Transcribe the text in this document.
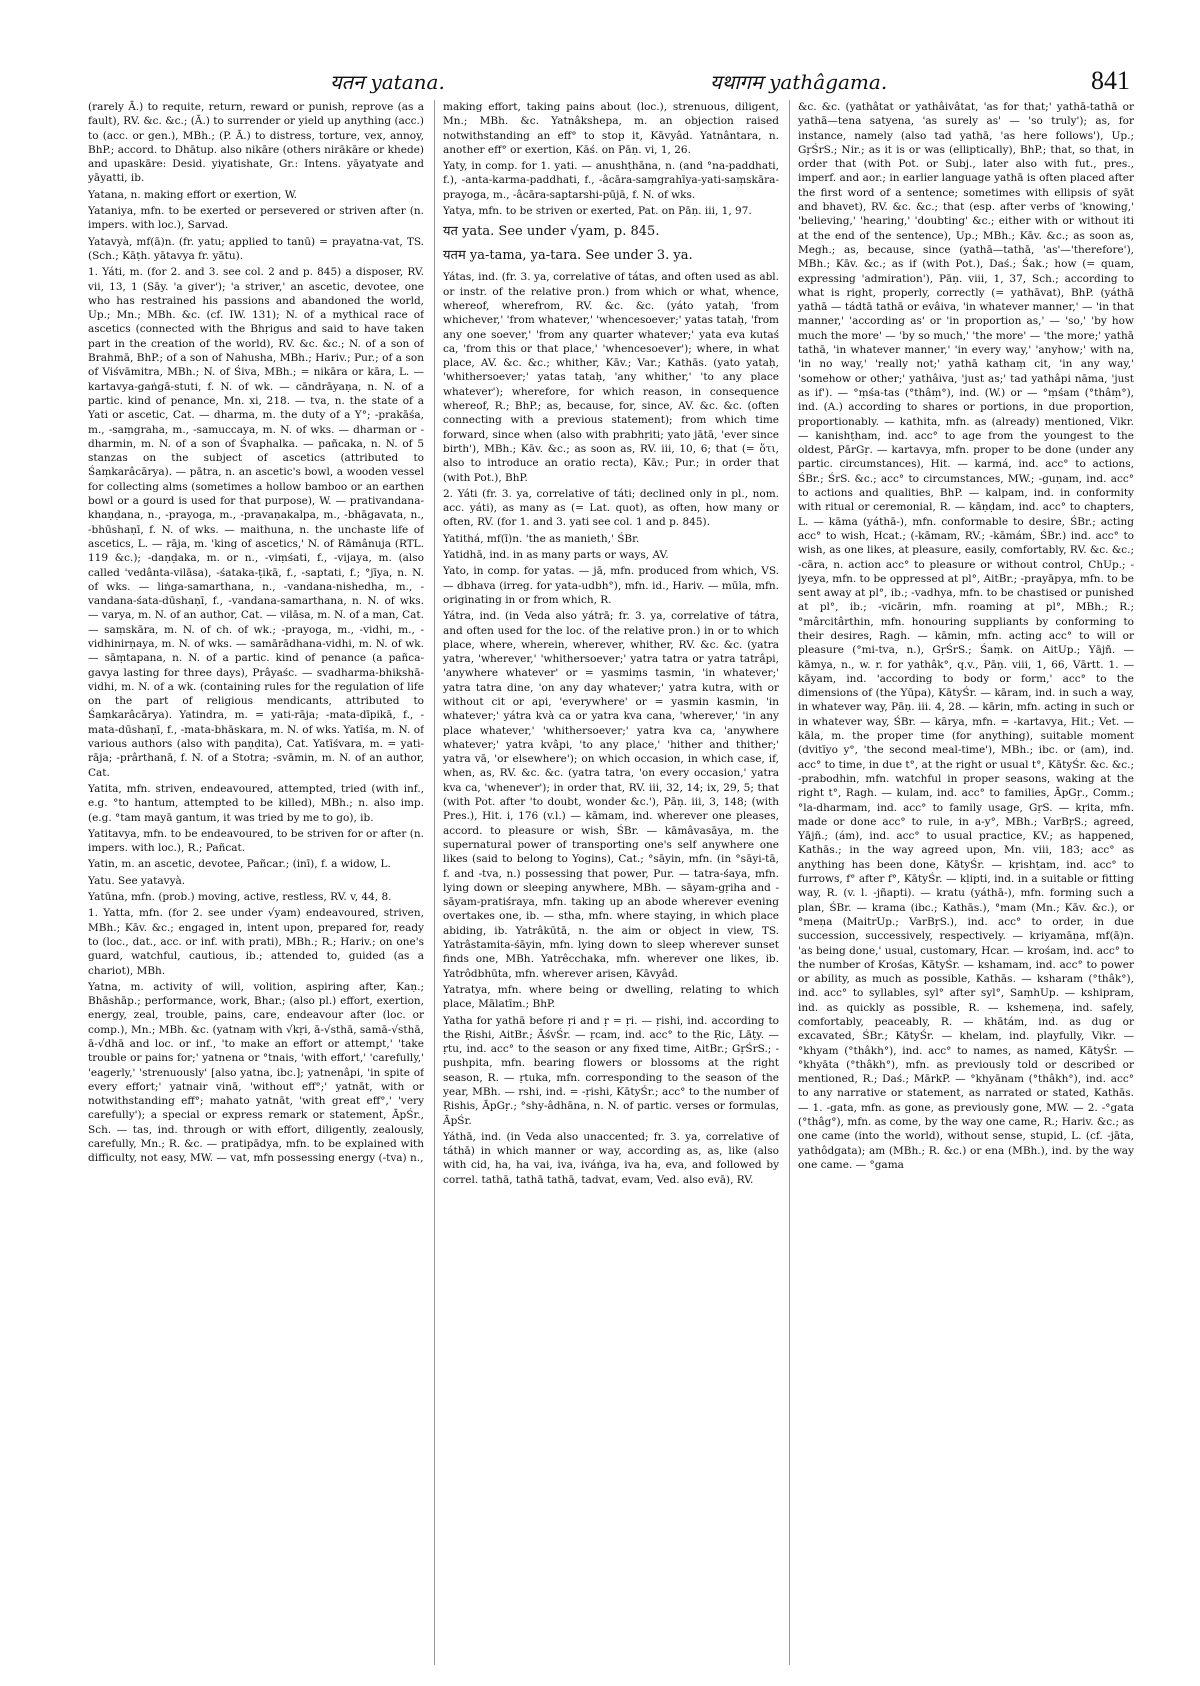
यतन yatana.	यथागम yathâgama.	841

(rarely Ā.) to requite, return, reward or punish, reprove (as a fault), RV. &c. &c.; (Ā.) to surrender or yield up anything (acc.) to (acc. or gen.), MBh.; (P. Ā.) to distress, torture, vex, annoy, BhP.; accord. to Dhātup. also nikāre (others nirākāre or khede) and upaskāre: Desid. yiyatishate, Gr.: Intens. yāyatyate and yāyatti, ib.

Yatana, n. making effort or exertion, W.

Yataniya, mfn. to be exerted or persevered or striven after (n. impers. with loc.), Sarvad.

Yatavyà, mf(ā)n. (fr. yatu; applied to tanū) = prayatna-vat, TS. (Sch.; Kāṭh. yātavya fr. yātu).

1. Yáti, m. (for 2. and 3. see col. 2 and p. 845) a disposer, RV. vii, 13, 1 (Sāy. 'a giver'); 'a striver,' an ascetic, devotee, one who has restrained his passions and abandoned the world, Up.; Mn.; MBh. &c. (cf. IW. 131); N. of a mythical race of ascetics (connected with the Bhṛigus and said to have taken part in the creation of the world), RV. &c. &c.; N. of a son of Brahmā, BhP.; of a son of Nahusha, MBh.; Hariv.; Pur.; of a son of Viśvāmitra, MBh.; N. of Śiva, MBh.; = nikāra or kāra, L. — kartavya-gaṅgā-stuti, f. N. of wk. — cāndrāyaṇa, n. N. of a partic. kind of penance, Mn. xi, 218. — tva, n. the state of a Yati or ascetic, Cat. — dharma, m. the duty of a Y°; -prakāśa, m., -saṃgraha, m., -samuccaya, m. N. of wks. — dharman or -dharmin, m. N. of a son of Śvaphalka. — pañcaka, n. N. of 5 stanzas on the subject of ascetics (attributed to Śaṃkarâcārya). — pātra, n. an ascetic's bowl, a wooden vessel for collecting alms (sometimes a hollow bamboo or an earthen bowl or a gourd is used for that purpose), W. — prativandana-khaṇḍana, n., -prayoga, m., -pravaṇakalpa, m., -bhāgavata, n., -bhūshaṇī, f. N. of wks. — maithuna, n. the unchaste life of ascetics, L. — rāja, m. 'king of ascetics,' N. of Rāmânuja (RTL. 119 &c.); -daṇḍaka, m. or n., -viṃśati, f., -vijaya, m. (also called 'vedânta-vilāsa), -śataka-ṭikā, f., -saptati, f.; °jīya, n. N. of wks. — liṅga-samarthana, n., -vandana-nishedha, m., -vandana-śata-dūshaṇī, f., -vandana-samarthana, n. N. of wks. — varya, m. N. of an author, Cat. — vilāsa, m. N. of a man, Cat. — saṃskāra, m. N. of ch. of wk.; -prayoga, m., -vidhi, m., -vidhinirṇaya, m. N. of wks. — samārādhana-vidhi, m. N. of wk. — sāṃtapana, n. N. of a partic. kind of penance (a pañca-gavya lasting for three days), Prâyaśc. — svadharma-bhikshā-vidhi, m. N. of a wk. (containing rules for the regulation of life on the part of religious mendicants, attributed to Śaṃkarâcārya). Yatindra, m. = yati-rāja; -mata-dīpikā, f., -mata-dūshaṇī, f., -mata-bhāskara, m. N. of wks. Yatīśa, m. N. of various authors (also with paṇḍita), Cat. Yatīśvara, m. = yati-rāja; -prârthanā, f. N. of a Stotra; -svāmin, m. N. of an author, Cat.

Yatita, mfn. striven, endeavoured, attempted, tried (with inf., e.g. °to hantum, attempted to be killed), MBh.; n. also imp. (e.g. °tam mayā gantum, it was tried by me to go), ib.

Yatitavya, mfn. to be endeavoured, to be striven for or after (n. impers. with loc.), R.; Pañcat.

Yatin, m. an ascetic, devotee, Pañcar.; (inī), f. a widow, L.

Yatu. See yatavyà.

Yatūna, mfn. (prob.) moving, active, restless, RV. v, 44, 8.

1. Yatta, mfn. (for 2. see under √yam) endeavoured, striven, MBh.; Kāv. &c.; engaged in, intent upon, prepared for, ready to (loc., dat., acc. or inf. with prati), MBh.; R.; Hariv.; on one's guard, watchful, cautious, ib.; attended to, guided (as a chariot), MBh.

Yatna, m. activity of will, volition, aspiring after, Kaṇ.; Bhāshāp.; performance, work, Bhar.; (also pl.) effort, exertion, energy, zeal, trouble, pains, care, endeavour after (loc. or comp.), Mn.; MBh. &c. (yatnaṃ with √kṛi, ā-√sthā, samā-√sthā, ā-√dhā and loc. or inf., 'to make an effort or attempt,' 'take trouble or pains for;' yatnena or °tnais, 'with effort,' 'carefully,' 'eagerly,' 'strenuously' [also yatna, ibc.]; yatnenâpi, 'in spite of every effort;' yatnair vinā, 'without eff°;' yatnāt, with or notwithstanding eff°; mahato yatnāt, 'with great eff°,' 'very carefully'); a special or express remark or statement, ĀpŚr., Sch. — tas, ind. through or with effort, diligently, zealously, carefully, Mn.; R. &c. — pratipādya, mfn. to be explained with difficulty, not easy, MW. — vat, mfn possessing energy (-tva) n.,

making effort, taking pains about (loc.), strenuous, diligent, Mn.; MBh. &c. Yatnâkshepa, m. an objection raised notwithstanding an eff° to stop it, Kāvyâd. Yatnântara, n. another eff° or exertion, Kāś. on Pāṇ. vi, 1, 26.

Yaty, in comp. for 1. yati. — anushṭhāna, n. (and °na-paddhati, f.), -anta-karma-paddhati, f., -âcāra-saṃgrahīya-yati-saṃskāra-prayoga, m., -âcāra-saptarshi-pūjā, f. N. of wks.

Yatya, mfn. to be striven or exerted, Pat. on Pāṇ. iii, 1, 97.

यत yata. See under √yam, p. 845.

यतम ya-tama, ya-tara. See under 3. ya.

Yátas, ind. (fr. 3. ya, correlative of tátas, and often used as abl. or instr. of the relative pron.) from which or what, whence, whereof, wherefrom, RV. &c. &c. (yáto yataḥ, 'from whichever,' 'from whatever,' 'whencesoever;' yatas tataḥ, 'from any one soever,' 'from any quarter whatever;' yata eva kutaś ca, 'from this or that place,' 'whencesoever'); where, in what place, AV. &c. &c.; whither, Kāv.; Var.; Kathās. (yato yataḥ, 'whithersoever;' yatas tataḥ, 'any whither,' 'to any place whatever'); wherefore, for which reason, in consequence whereof, R.; BhP.; as, because, for, since, AV. &c. &c. (often connecting with a previous statement); from which time forward, since when (also with prabhṛiti; yato jātā, 'ever since birth'), MBh.; Kāv. &c.; as soon as, RV. iii, 10, 6; that (= ὅτι, also to introduce an oratio recta), Kāv.; Pur.; in order that (with Pot.), BhP.

2. Yáti (fr. 3. ya, correlative of táti; declined only in pl., nom. acc. yáti), as many as (= Lat. quot), as often, how many or often, RV. (for 1. and 3. yati see col. 1 and p. 845).

Yatithá, mf(ī)n. 'the as manieth,' ŚBr.

Yatidhā, ind. in as many parts or ways, AV.

Yato, in comp. for yatas. — jā, mfn. produced from which, VS. — dbhava (irreg. for yata-udbh°), mfn. id., Hariv. — mūla, mfn. originating in or from which, R.

Yátra, ind. (in Veda also yátrā; fr. 3. ya, correlative of tátra, and often used for the loc. of the relative pron.) in or to which place, where, wherein, wherever, whither, RV. &c. &c. (yatra yatra, 'wherever,' 'whithersoever;' yatra tatra or yatra tatrâpi, 'anywhere whatever' or = yasmiṃs tasmin, 'in whatever;' yatra tatra dine, 'on any day whatever;' yatra kutra, with or without cit or api, 'everywhere' or = yasmin kasmin, 'in whatever;' yátra kvà ca or yatra kva cana, 'wherever,' 'in any place whatever,' 'whithersoever;' yatra kva ca, 'anywhere whatever;' yatra kvâpi, 'to any place,' 'hither and thither;' yatra vā, 'or elsewhere'); on which occasion, in which case, if, when, as, RV. &c. &c. (yatra tatra, 'on every occasion,' yatra kva ca, 'whenever'); in order that, RV. iii, 32, 14; ix, 29, 5; that (with Pot. after 'to doubt, wonder &c.'), Pāṇ. iii, 3, 148; (with Pres.), Hit. i, 176 (v.l.) — kāmam, ind. wherever one pleases, accord. to pleasure or wish, ŚBr. — kāmâvasāya, m. the supernatural power of transporting one's self anywhere one likes (said to belong to Yogins), Cat.; °sāyin, mfn. (in °sāyi-tā, f. and -tva, n.) possessing that power, Pur. — tatra-śaya, mfn. lying down or sleeping anywhere, MBh. — sāyam-gṛiha and -sāyam-pratiśraya, mfn. taking up an abode wherever evening overtakes one, ib. — stha, mfn. where staying, in which place abiding, ib. Yatrâkūtā, n. the aim or object in view, TS. Yatrâstamita-śāyin, mfn. lying down to sleep wherever sunset finds one, MBh. Yatrêcchaka, mfn. wherever one likes, ib. Yatrôdbhūta, mfn. wherever arisen, Kāvyâd.

Yatratya, mfn. where being or dwelling, relating to which place, Mālatīm.; BhP.

Yatha for yathā before ṛi and ṛ = ṛi. — ṛishi, ind. according to the Ṛishi, AitBr.; ĀśvŚr. — ṛcam, ind. acc° to the Ṛic, Lāṭy. — ṛtu, ind. acc° to the season or any fixed time, AitBr.; GṛŚrS.; -pushpita, mfn. bearing flowers or blossoms at the right season, R. — ṛtuka, mfn. corresponding to the season of the year, MBh. — rshi, ind. = -ṛishi, KātyŚr.; acc° to the number of Ṛishis, ĀpGṛ.; °shy-âdhāna, n. N. of partic. verses or formulas, ĀpŚr.

Yáthā, ind. (in Veda also unaccented; fr. 3. ya, correlative of táthā) in which manner or way, according as, as, like (also with cid, ha, ha vai, iva, iváṅga, iva ha, eva, and followed by correl. tathā, tathā tathā, tadvat, evam, Ved. also evā), RV.

&c. &c. (yathâtat or yathâivâtat, 'as for that;' yathā-tathā or yathā—tena satyena, 'as surely as' — 'so truly'); as, for instance, namely (also tad yathā, 'as here follows'), Up.; GṛŚrS.; Nir.; as it is or was (elliptically), BhP.; that, so that, in order that (with Pot. or Subj., later also with fut., pres., imperf. and aor.; in earlier language yathā is often placed after the first word of a sentence; sometimes with ellipsis of syāt and bhavet), RV. &c. &c.; that (esp. after verbs of 'knowing,' 'believing,' 'hearing,' 'doubting' &c.; either with or without iti at the end of the sentence), Up.; MBh.; Kāv. &c.; as soon as, Megh.; as, because, since (yathā—tathā, 'as'—'therefore'), MBh.; Kāv. &c.; as if (with Pot.), Daś.; Śak.; how (= quam, expressing 'admiration'), Pāṇ. viii, 1, 37, Sch.; according to what is right, properly, correctly (= yathāvat), BhP. (yáthā yathā — tádtā tathā or evâiva, 'in whatever manner,' — 'in that manner,' 'according as' or 'in proportion as,' — 'so,' 'by how much the more' — 'by so much,' 'the more' — 'the more;' yathā tathā, 'in whatever manner,' 'in every way,' 'anyhow;' with na, 'in no way,' 'really not;' yathā kathaṃ cit, 'in any way,' 'somehow or other;' yathâiva, 'just as;' tad yathâpi nāma, 'just as if'). — °ṃśa-tas (°thâṃ°), ind. (W.) or — °ṃśam (°thâṃ°), ind. (A.) according to shares or portions, in due proportion, proportionably. — kathita, mfn. as (already) mentioned, Vikr. — kanishṭham, ind. acc° to age from the youngest to the oldest, PārGṛ. — kartavya, mfn. proper to be done (under any partic. circumstances), Hit. — karmá, ind. acc° to actions, ŚBr.; ŚrS. &c.; acc° to circumstances, MW.; -guṇam, ind. acc° to actions and qualities, BhP. — kalpam, ind. in conformity with ritual or ceremonial, R. — kāṇḍam, ind. acc° to chapters, L. — kāma (yáthā-), mfn. conformable to desire, ŚBr.; acting acc° to wish, Hcat.; (-kāmam, RV.; -kāmám, ŚBr.) ind. acc° to wish, as one likes, at pleasure, easily, comfortably, RV. &c. &c.; -cāra, n. action acc° to pleasure or without control, ChUp.; -jyeya, mfn. to be oppressed at pl°, AitBr.; -prayāpya, mfn. to be sent away at pl°, ib.; -vadhya, mfn. to be chastised or punished at pl°, ib.; -vicārin, mfn. roaming at pl°, MBh.; R.; °mârcitârthin, mfn. honouring suppliants by conforming to their desires, Ragh. — kāmin, mfn. acting acc° to will or pleasure (°mi-tva, n.), GṛŚrS.; Śaṃk. on AitUp.; Yājñ. — kāmya, n., w. r. for yathâk°, q.v., Pāṇ. viii, 1, 66, Vārtt. 1. — kāyam, ind. 'according to body or form,' acc° to the dimensions of (the Yūpa), KātyŚr. — kāram, ind. in such a way, in whatever way, Pāṇ. iii. 4, 28. — kārin, mfn. acting in such or in whatever way, ŚBr. — kārya, mfn. = -kartavya, Hit.; Vet. — kāla, m. the proper time (for anything), suitable moment (dvitīyo y°, 'the second meal-time'), MBh.; ibc. or (am), ind. acc° to time, in due t°, at the right or usual t°, KātyŚr. &c. &c.; -prabodhin, mfn. watchful in proper seasons, waking at the right t°, Ragh. — kulam, ind. acc° to families, ĀpGṛ., Comm.; °la-dharmam, ind. acc° to family usage, GṛS. — kṛita, mfn. made or done acc° to rule, in a-y°, MBh.; VarBṛS.; agreed, Yājñ.; (ám), ind. acc° to usual practice, KV.; as happened, Kathās.; in the way agreed upon, Mn. viii, 183; acc° as anything has been done, KātyŚr. — kṛishṭam, ind. acc° to furrows, f° after f°, KātyŚr. — kḷipti, ind. in a suitable or fitting way, R. (v. l. -jñapti). — kratu (yáthā-), mfn. forming such a plan, ŚBr. — krama (ibc.; Kathās.), °mam (Mn.; Kāv. &c.), or °meṇa (MaitrUp.; VarBṛS.), ind. acc° to order, in due succession, successively, respectively. — kriyamāṇa, mf(ā)n. 'as being done,' usual, customary, Hcar. — krośam, ind. acc° to the number of Krośas, KātyŚr. — kshamam, ind. acc° to power or ability, as much as possible, Kathās. — ksharam (°thâk°), ind. acc° to syllables, syl° after syl°, SaṃhUp. — kshipram, ind. as quickly as possible, R. — kshemeṇa, ind. safely, comfortably, peaceably, R. — khātám, ind. as dug or excavated, ŚBr.; KātyŚr. — khelam, ind. playfully, Vikr. — °khyam (°thâkh°), ind. acc° to names, as named, KātyŚr. — °khyāta (°thâkh°), mfn. as previously told or described or mentioned, R.; Daś.; MārkP. — °khyānam (°thâkh°), ind. acc° to any narrative or statement, as narrated or stated, Kathās. — 1. -gata, mfn. as gone, as previously gone, MW. — 2. -°gata (°thâg°), mfn. as come, by the way one came, R.; Hariv. &c.; as one came (into the world), without sense, stupid, L. (cf. -jāta, yathôdgata); am (MBh.; R. &c.) or ena (MBh.), ind. by the way one came. — °gama
